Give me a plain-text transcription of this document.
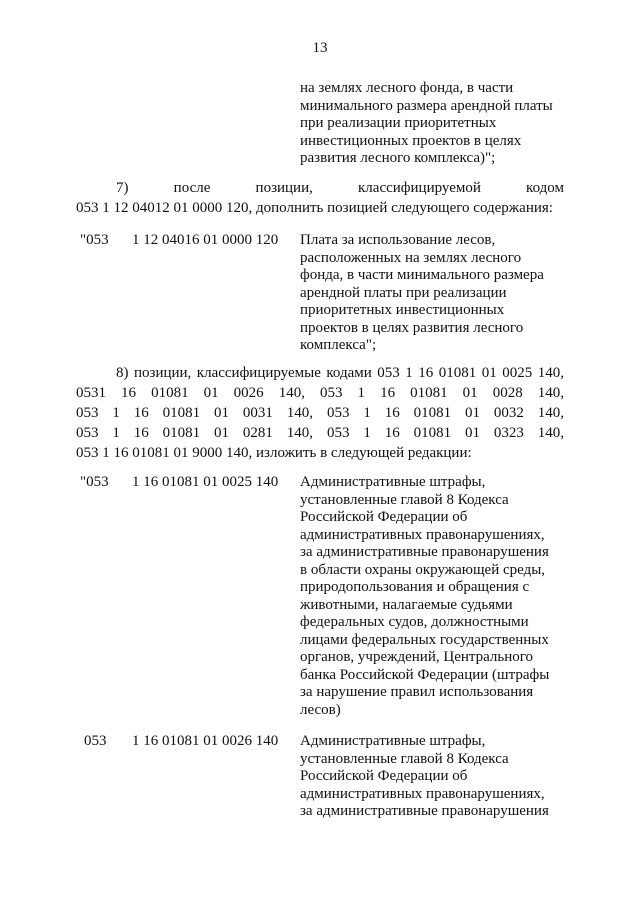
13
на землях лесного фонда, в части
минимального размера арендной платы
при реализации приоритетных
инвестиционных проектов в целях
развития лесного комплекса)";
7) после позиции, классифицируемой кодом
053 1 12 04012 01 0000 120, дополнить позицией следующего содержания:
"053 1 12 04016 01 0000 120 Плата за использование лесов,
расположенных на землях лесного
фонда, в части минимального размера
арендной платы при реализации
приоритетных инвестиционных
проектов в целях развития лесного
комплекса";
8) позиции, классифицируемые кодами 053 1 16 01081 01 0025 140,
0531 16 01081 01 0026 140, 053 1 16 01081 01 0028 140,
053 1 16 01081 01 0031 140, 053 1 16 01081 01 0032 140,
053 1 16 01081 01 0281 140, 053 1 16 01081 01 0323 140,
053 1 16 01081 01 9000 140, изложить в следующей редакции:
"053 1 16 01081 01 0025 140 Административные штрафы,
установленные главой 8 Кодекса
Российской Федерации об
административных правонарушениях,
за административные правонарушения
в области охраны окружающей среды,
природопользования и обращения с
животными, налагаемые судьями
федеральных судов, должностными
лицами федеральных государственных
органов, учреждений, Центрального
банка Российской Федерации (штрафы
за нарушение правил использования
лесов)
053 1 16 01081 01 0026 140 Административные штрафы,
установленные главой 8 Кодекса
Российской Федерации об
административных правонарушениях,
за административные правонарушения
